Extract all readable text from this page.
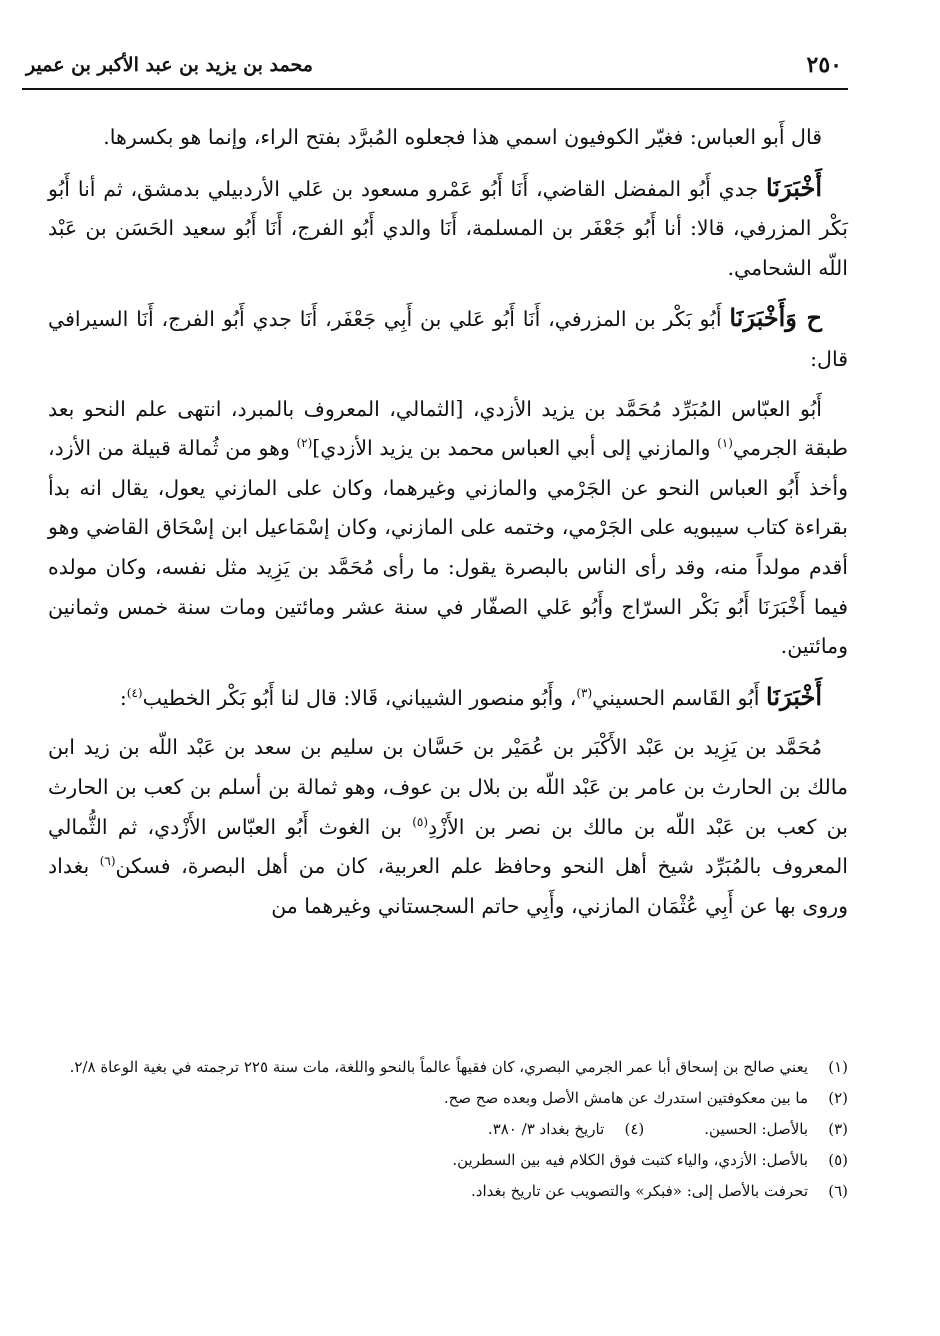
٢٥٠
محمد بن يزيد بن عبد الأكبر بن عمير

قال أَبو العباس: فغيّر الكوفيون اسمي هذا فجعلوه المُبرَّد بفتح الراء، وإنما هو بكسرها.

أَخْبَرَنَا جدي أَبُو المفضل القاضي، أَنَا أَبُو عَمْرو مسعود بن عَلي الأردبيلي بدمشق، ثم أنا أَبُو بَكْر المزرفي، قالا: أنا أَبُو جَعْفَر بن المسلمة، أَنَا والدي أَبُو الفرج، أَنَا أَبُو سعيد الحَسَن بن عَبْد اللّه الشحامي.

ح وَأَخْبَرَنَا أَبُو بَكْر بن المزرفي، أَنَا أَبُو عَلي بن أَبِي جَعْفَر، أَنَا جدي أَبُو الفرج، أَنَا السيرافي قال:

أَبُو العبّاس المُبَرِّد مُحَمَّد بن يزيد الأزدي، [الثمالي، المعروف بالمبرد، انتهى علم النحو بعد طبقة الجرمي$^{(١)}$ والمازني إلى أبي العباس محمد بن يزيد الأزدي]$^{(٢)}$ وهو من ثُمالة قبيلة من الأزد، وأخذ أَبُو العباس النحو عن الجَرْمي والمازني وغيرهما، وكان على المازني يعول، يقال انه بدأ بقراءة كتاب سيبويه على الجَرْمي، وختمه على المازني، وكان إسْمَاعيل ابن إسْحَاق القاضي وهو أقدم مولداً منه، وقد رأى الناس بالبصرة يقول: ما رأى مُحَمَّد بن يَزِيد مثل نفسه، وكان مولده فيما أَخْبَرَنَا أَبُو بَكْر السرّاج وأَبُو عَلي الصفّار في سنة عشر ومائتين ومات سنة خمس وثمانين ومائتين.

أَخْبَرَنَا أَبُو القَاسم الحسيني$^{(٣)}$، وأَبُو منصور الشيباني، قَالا: قال لنا أَبُو بَكْر الخطيب$^{(٤)}$:

مُحَمَّد بن يَزِيد بن عَبْد الأَكْبَر بن عُمَيْر بن حَسَّان بن سليم بن سعد بن عَبْد اللّه بن زيد ابن مالك بن الحارث بن عامر بن عَبْد اللّه بن بلال بن عوف، وهو ثمالة بن أسلم بن كعب بن الحارث بن كعب بن عَبْد اللّه بن مالك بن نصر بن الأَزْدِ$^{(٥)}$ بن الغوث أَبُو العبّاس الأَزْدي، ثم الثُّمالي المعروف بالمُبَرِّد شيخ أهل النحو وحافظ علم العربية، كان من أهل البصرة، فسكن$^{(٦)}$ بغداد وروى بها عن أَبِي عُثْمَان المازني، وأَبِي حاتم السجستاني وغيرهما من

(١)
يعني صالح بن إسحاق أبا عمر الجرمي البصري، كان فقيهاً عالماً بالنحو واللغة، مات سنة ٢٢٥ ترجمته في بغية الوعاة ٢/٨.
(٢)
ما بين معكوفتين استدرك عن هامش الأصل وبعده صح صح.
(٣)
بالأصل: الحسين.
(٤)
تاريخ بغداد ٣/ ٣٨٠.
(٥)
بالأصل: الأزدي، والياء كتبت فوق الكلام فيه بين السطرين.
(٦)
تحرفت بالأصل إلى: «فبكر» والتصويب عن تاريخ بغداد.
